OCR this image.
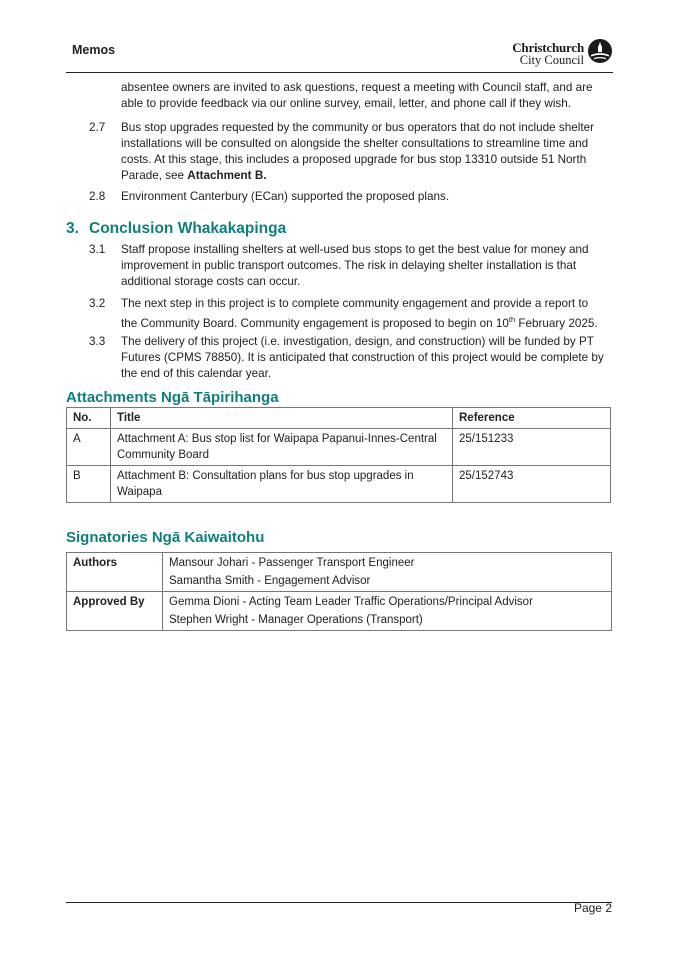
Memos	Christchurch
City Council
absentee owners are invited to ask questions, request a meeting with Council staff, and are able to provide feedback via our online survey, email, letter, and phone call if they wish.
2.7 Bus stop upgrades requested by the community or bus operators that do not include shelter installations will be consulted on alongside the shelter consultations to streamline time and costs. At this stage, this includes a proposed upgrade for bus stop 13310 outside 51 North Parade, see Attachment B.
2.8 Environment Canterbury (ECan) supported the proposed plans.
3. Conclusion Whakakapinga
3.1 Staff propose installing shelters at well-used bus stops to get the best value for money and improvement in public transport outcomes. The risk in delaying shelter installation is that additional storage costs can occur.
3.2 The next step in this project is to complete community engagement and provide a report to the Community Board. Community engagement is proposed to begin on 10th February 2025.
3.3 The delivery of this project (i.e. investigation, design, and construction) will be funded by PT Futures (CPMS 78850). It is anticipated that construction of this project would be complete by the end of this calendar year.
Attachments Ngā Tāpirihanga
No.	Title	Reference
A	Attachment A: Bus stop list for Waipapa Papanui-Innes-Central Community Board	25/151233
B	Attachment B: Consultation plans for bus stop upgrades in Waipapa	25/152743
Signatories Ngā Kaiwaitohu
Authors	Mansour Johari - Passenger Transport Engineer
Samantha Smith - Engagement Advisor

Approved By	Gemma Dioni - Acting Team Leader Traffic Operations/Principal Advisor
Stephen Wright - Manager Operations (Transport)
Page 2
